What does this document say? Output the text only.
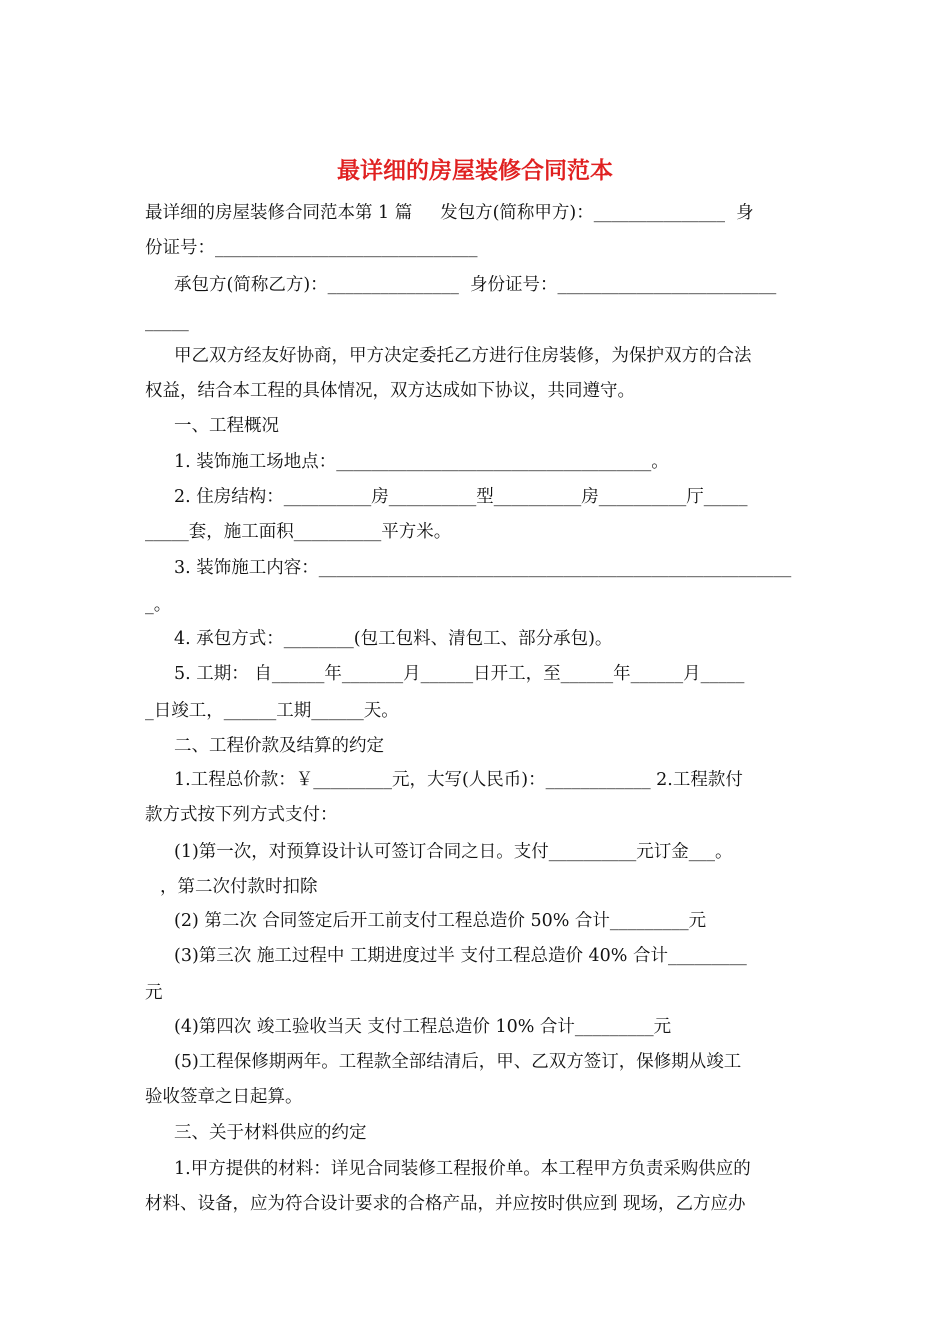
最详细的房屋装修合同范本
最详细的房屋装修合同范本第 1 篇     发包方(简称甲方)：_______________  身
份证号：______________________________
承包方(简称乙方)：_______________  身份证号：_________________________
_____
甲乙双方经友好协商，甲方决定委托乙方进行住房装修，为保护双方的合法
权益，结合本工程的具体情况，双方达成如下协议，共同遵守。
一、工程概况
1. 装饰施工场地点：____________________________________。
2. 住房结构：__________房__________型__________房__________厅_____
_____套，施工面积__________平方米。
3. 装饰施工内容：______________________________________________________
_。
4. 承包方式：________(包工包料、清包工、部分承包)。
5. 工期： 自______年_______月______日开工，至______年______月_____
_日竣工，______工期______天。
二、工程价款及结算的约定
1.工程总价款：￥_________元，大写(人民币)：____________ 2.工程款付
款方式按下列方式支付：
(1)第一次，对预算设计认可签订合同之日。支付__________元订金___。
，第二次付款时扣除
(2) 第二次 合同签定后开工前支付工程总造价 50% 合计_________元
(3)第三次 施工过程中 工期进度过半 支付工程总造价 40% 合计_________
元
(4)第四次 竣工验收当天 支付工程总造价 10% 合计_________元
(5)工程保修期两年。工程款全部结清后，甲、乙双方签订，保修期从竣工
验收签章之日起算。
三、关于材料供应的约定
1.甲方提供的材料：详见合同装修工程报价单。本工程甲方负责采购供应的
材料、设备，应为符合设计要求的合格产品，并应按时供应到 现场，乙方应办
